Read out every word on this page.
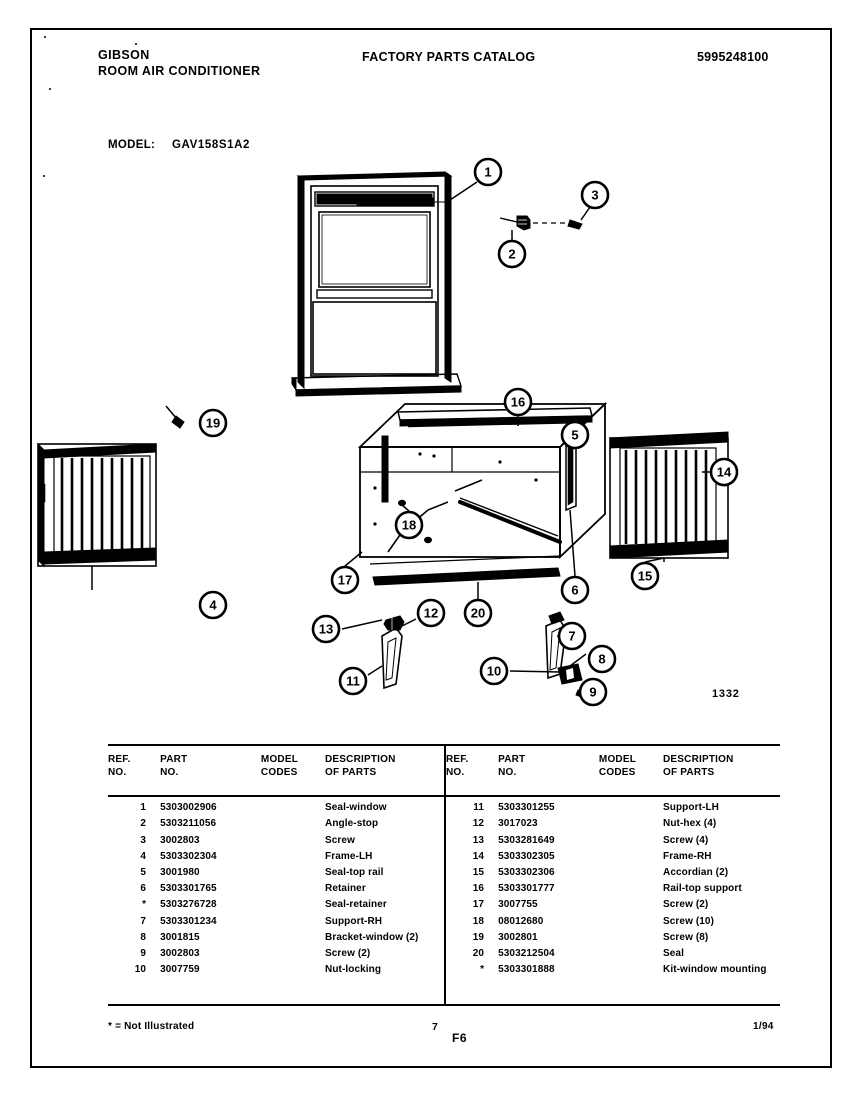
GIBSON
ROOM AIR CONDITIONER
FACTORY PARTS CATALOG	5995248100
MODEL: GAV158S1A2
1
2
3
4
5
6
7
8
9
10
11
12
13
14
15
16
17
18
19
20
1332
REF.
NO.

PART
NO.

MODEL
CODES

DESCRIPTION
OF PARTS

1	5303002906		Seal-window
2	5303211056		Angle-stop
3	3002803		Screw
4	5303302304		Frame-LH
5	3001980		Seal-top rail
6	5303301765		Retainer
*	5303276728		Seal-retainer
7	5303301234		Support-RH
8	3001815		Bracket-window (2)
9	3002803		Screw (2)
10	3007759		Nut-locking
REF.
NO.

PART
NO.

MODEL
CODES

DESCRIPTION
OF PARTS

11	5303301255		Support-LH
12	3017023		Nut-hex (4)
13	5303281649		Screw (4)
14	5303302305		Frame-RH
15	5303302306		Accordian (2)
16	5303301777		Rail-top support
17	3007755		Screw (2)
18	08012680		Screw (10)
19	3002801		Screw (8)
20	5303212504		Seal
*	5303301888		Kit-window mounting
* = Not Illustrated	7
F6
1/94
